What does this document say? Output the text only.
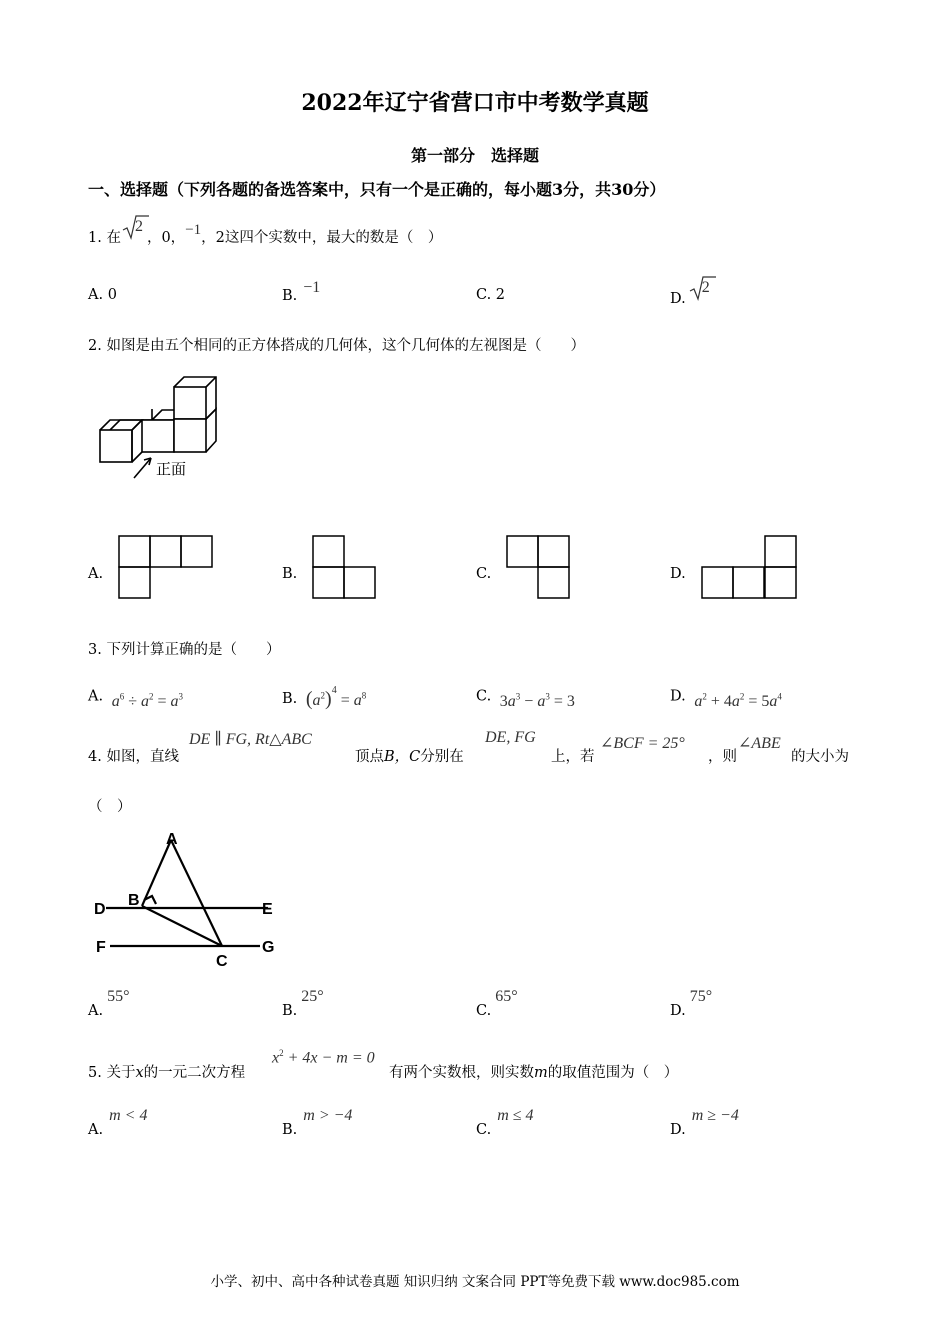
2022年辽宁省营口市中考数学真题
第一部分　选择题
一、选择题（下列各题的备选答案中，只有一个是正确的，每小题3分，共30分）
1. 在
2
，0，−1，2这四个实数中，最大的数是（　）
A. 0	B. −1	C. 2	D.
2
2. 如图是由五个相同的正方体搭成的几何体，这个几何体的左视图是（　　）
正面
A.	B.	C.	D.
3. 下列计算正确的是（　　）
A. $a^6 \div a^2 = a^3$	B. $(a^2)^4 = a^8$	C. $3a^3 - a^3 = 3$	D. $a^2 + 4a^2 = 5a^4$
4. 如图，直线
DE ∥ FG, Rt△ABC
顶点B，C分别在
DE, FG
上，若
∠BCF = 25°
，则
∠ABE
的大小为
（　）
A
B
D	E
F	G
C
A.55°
B.25°
C.65°
D.75°
5. 关于x的一元二次方程
$x^2 + 4x - m = 0$
有两个实数根，则实数m的取值范围为（　）
A.m < 4
B.m > −4
C.m ≤ 4
D.m ≥ −4
小学、初中、高中各种试卷真题 知识归纳 文案合同 PPT等免费下载 www.doc985.com
